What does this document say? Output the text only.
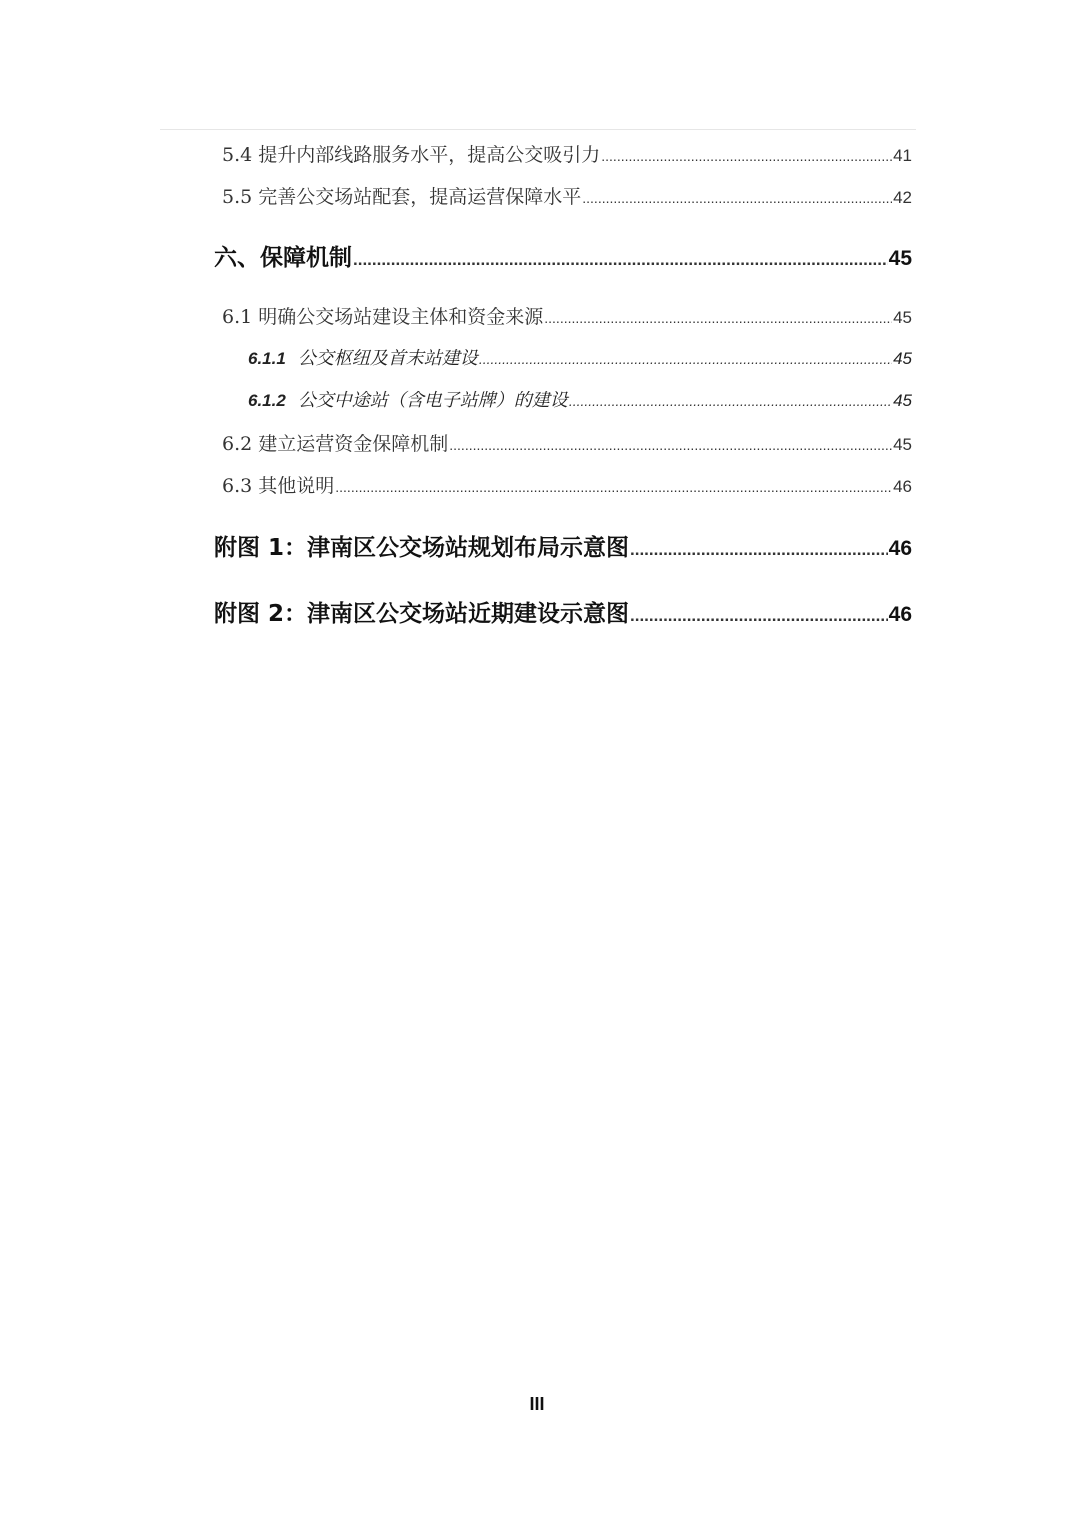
5.4 提升内部线路服务水平，提高公交吸引力 .....	41
5.5 完善公交场站配套，提高运营保障水平 .....	42
六、保障机制 .....	45
6.1 明确公交场站建设主体和资金来源 .....	45
6.1.1 公交枢纽及首末站建设 .....	45
6.1.2 公交中途站（含电子站牌）的建设 .....	45
6.2 建立运营资金保障机制 .....	45
6.3 其他说明 .....	46
附图 1：津南区公交场站规划布局示意图 .....	46
附图 2：津南区公交场站近期建设示意图 .....	46
III
